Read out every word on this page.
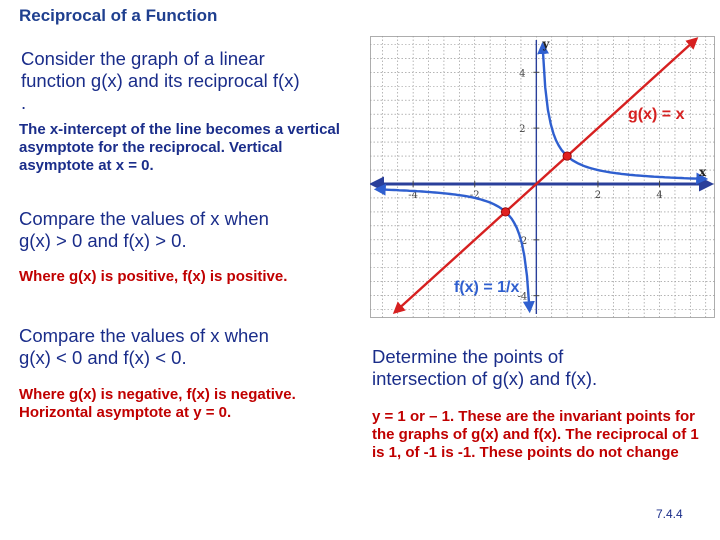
Reciprocal of a Function
Consider the graph of a linear
function g(x) and its reciprocal f(x)
.
The x-intercept of the line becomes a vertical asymptote for the reciprocal. Vertical asymptote at x = 0.
Compare the values of x when
g(x) > 0 and f(x) > 0.
Where g(x) is positive, f(x) is positive.
Compare the values of x when
g(x) < 0 and f(x) < 0.
Where g(x) is negative, f(x) is negative. Horizontal asymptote at y = 0.
Determine the points of
intersection of g(x) and f(x).
y = 1 or – 1. These are the invariant points for the graphs of g(x) and f(x). The reciprocal of 1 is 1, of -1 is -1. These points do not change
7.4.4
-4	-2	2	4
4
2
-2
-4
x
y
g(x) = x
f(x) = 1/x
